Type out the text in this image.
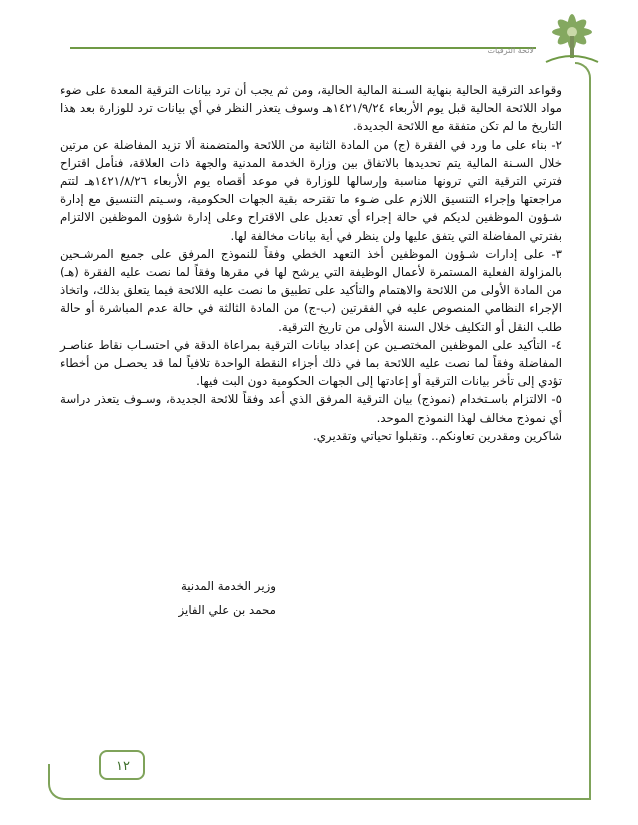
لائحة الترقيات

وقواعد الترقية الحالية بنهاية السـنة المالية الحالية، ومن ثم يجب أن ترد بيانات الترقية المعدة على ضوء مواد اللائحة الحالية قبل يوم الأربعاء ١٤٢١/٩/٢٤هـ وسوف يتعذر النظر في أي بيانات ترد للوزارة بعد هذا التاريخ ما لم تكن متفقة مع اللائحة الجديدة.

٢- بناء على ما ورد في الفقرة (ج) من المادة الثانية من اللائحة والمتضمنة ألا تزيد المفاضلة عن مرتين خلال السـنة المالية يتم تحديدها بالاتفاق بين وزارة الخدمة المدنية والجهة ذات العلاقة، فنأمل اقتراح فترتي الترقية التي ترونها مناسبة وإرسالها للوزارة في موعد أقصاه يوم الأربعاء ١٤٢١/٨/٢٦هـ لتتم مراجعتها وإجراء التنسيق اللازم على ضـوء ما تقترحه بقية الجهات الحكومية، وسـيتم التنسيق مع إدارة شـؤون الموظفين لديكم في حالة إجراء أي تعديل على الاقتراح وعلى إدارة شؤون الموظفين الالتزام بفترتي المفاضلة التي يتفق عليها ولن ينظر في أية بيانات مخالفة لها.

٣- على إدارات شـؤون الموظفين أخذ التعهد الخطي وفقاً للنموذج المرفق على جميع المرشـحين بالمزاولة الفعلية المستمرة لأعمال الوظيفة التي يرشح لها في مقرها وفقاً لما نصت عليه الفقرة (هـ) من المادة الأولى من اللائحة والاهتمام والتأكيد على تطبيق ما نصت عليه اللائحة فيما يتعلق بذلك، واتخاذ الإجراء النظامي المنصوص عليه في الفقرتين (ب-ج) من المادة الثالثة في حالة عدم المباشرة أو حالة طلب النقل أو التكليف خلال السنة الأولى من تاريخ الترقية.

٤- التأكيد على الموظفين المختصـين عن إعداد بيانات الترقية بمراعاة الدقة في احتسـاب نقاط عناصـر المفاضلة وفقاً لما نصت عليه اللائحة بما في ذلك أجزاء النقطة الواحدة تلافياً لما قد يحصـل من أخطاء تؤدي إلى تأخر بيانات الترقية أو إعادتها إلى الجهات الحكومية دون البت فيها.

٥- الالتزام باسـتخدام (نموذج) بيان الترقية المرفق الذي أعد وفقاً للائحة الجديدة، وسـوف يتعذر دراسة أي نموذج مخالف لهذا النموذج الموحد.

شاكرين ومقدرين تعاونكم.. وتقبلوا تحياتي وتقديري.

وزير الخدمة المدنية
محمد بن علي الفايز
١٢
